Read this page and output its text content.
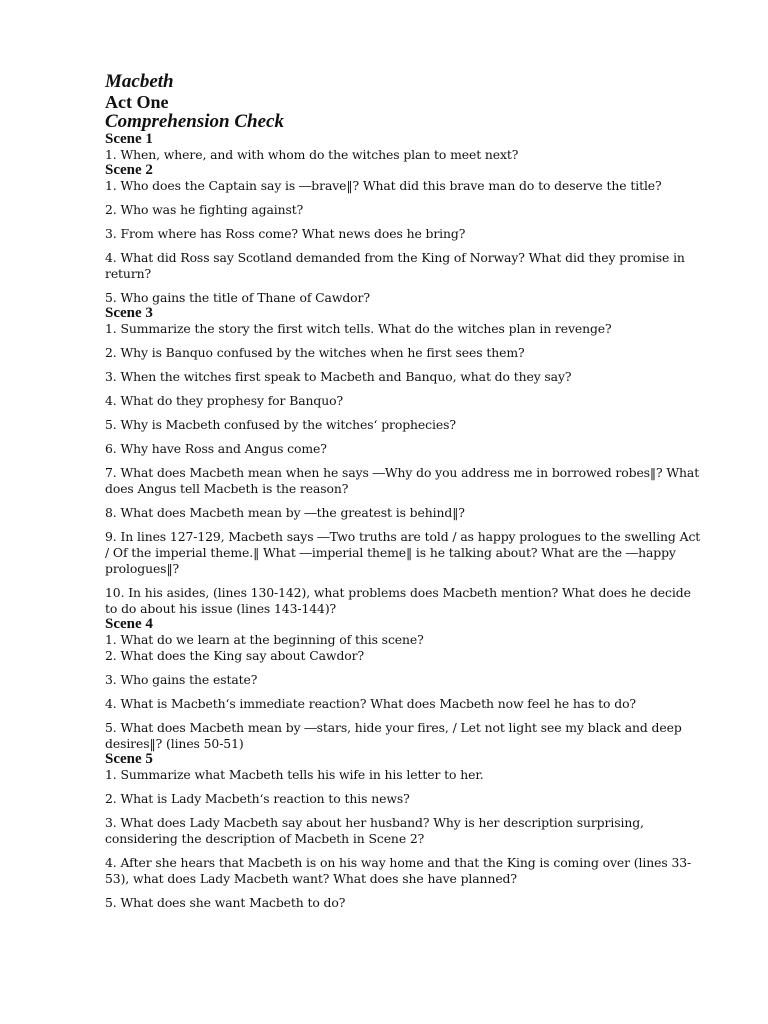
Macbeth
Act One
Comprehension Check
Scene 1
1. When, where, and with whom do the witches plan to meet next?
Scene 2
1. Who does the Captain say is ―brave‖? What did this brave man do to deserve the title?
2. Who was he fighting against?
3. From where has Ross come? What news does he bring?
4. What did Ross say Scotland demanded from the King of Norway? What did they promise in return?
5. Who gains the title of Thane of Cawdor?
Scene 3
1. Summarize the story the first witch tells. What do the witches plan in revenge?
2. Why is Banquo confused by the witches when he first sees them?
3. When the witches first speak to Macbeth and Banquo, what do they say?
4. What do they prophesy for Banquo?
5. Why is Macbeth confused by the witches‘ prophecies?
6. Why have Ross and Angus come?
7. What does Macbeth mean when he says ―Why do you address me in borrowed robes‖? What does Angus tell Macbeth is the reason?
8. What does Macbeth mean by ―the greatest is behind‖?
9. In lines 127-129, Macbeth says ―Two truths are told / as happy prologues to the swelling Act / Of the imperial theme.‖ What ―imperial theme‖ is he talking about? What are the ―happy prologues‖?
10. In his asides, (lines 130-142), what problems does Macbeth mention? What does he decide to do about his issue (lines 143-144)?
Scene 4
1. What do we learn at the beginning of this scene?
2. What does the King say about Cawdor?
3. Who gains the estate?
4. What is Macbeth‘s immediate reaction? What does Macbeth now feel he has to do?
5. What does Macbeth mean by ―stars, hide your fires, / Let not light see my black and deep desires‖? (lines 50-51)
Scene 5
1. Summarize what Macbeth tells his wife in his letter to her.
2. What is Lady Macbeth‘s reaction to this news?
3. What does Lady Macbeth say about her husband? Why is her description surprising, considering the description of Macbeth in Scene 2?
4. After she hears that Macbeth is on his way home and that the King is coming over (lines 33-53), what does Lady Macbeth want? What does she have planned?
5. What does she want Macbeth to do?
